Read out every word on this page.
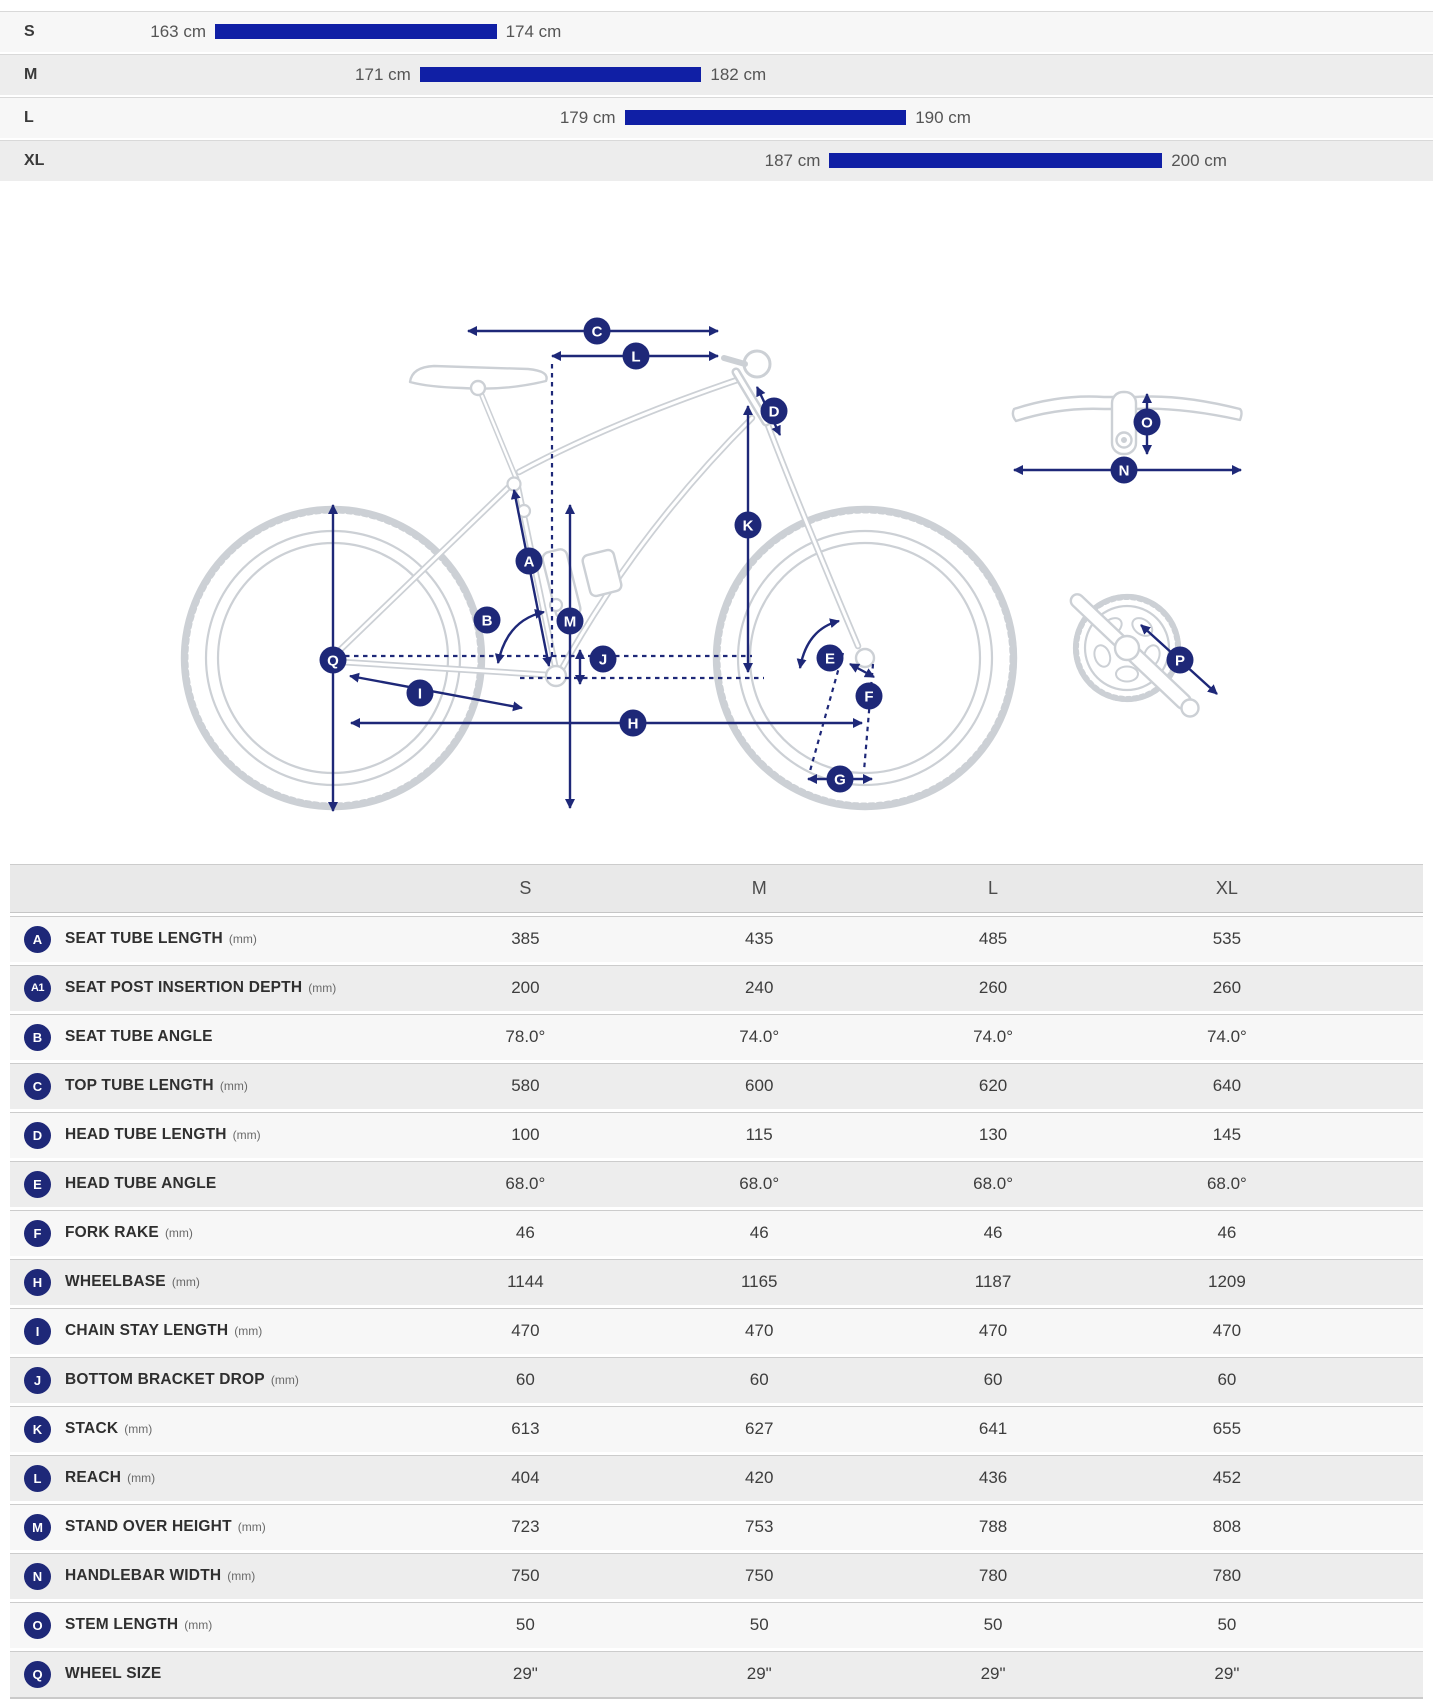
S	163 cm	174 cm
M	171 cm	182 cm
L	179 cm	190 cm
XL	187 cm	200 cm
A
B
C
D
E
F
G
H
I
J
K
L
M
N
O
P
Q
	S	M	L	XL	

A SEAT TUBE LENGTH (mm)	385	435	485	535	

A1 SEAT POST INSERTION DEPTH (mm)	200	240	260	260	

B SEAT TUBE ANGLE	78.0°	74.0°	74.0°	74.0°	

C TOP TUBE LENGTH (mm)	580	600	620	640	

D HEAD TUBE LENGTH (mm)	100	115	130	145	

E HEAD TUBE ANGLE	68.0°	68.0°	68.0°	68.0°	

F FORK RAKE (mm)	46	46	46	46	

H WHEELBASE (mm)	1144	1165	1187	1209	

I CHAIN STAY LENGTH (mm)	470	470	470	470	

J BOTTOM BRACKET DROP (mm)	60	60	60	60	

K STACK (mm)	613	627	641	655	

L REACH (mm)	404	420	436	452	

M STAND OVER HEIGHT (mm)	723	753	788	808	

N HANDLEBAR WIDTH (mm)	750	750	780	780	

O STEM LENGTH (mm)	50	50	50	50	

Q WHEEL SIZE	29"	29"	29"	29"	
